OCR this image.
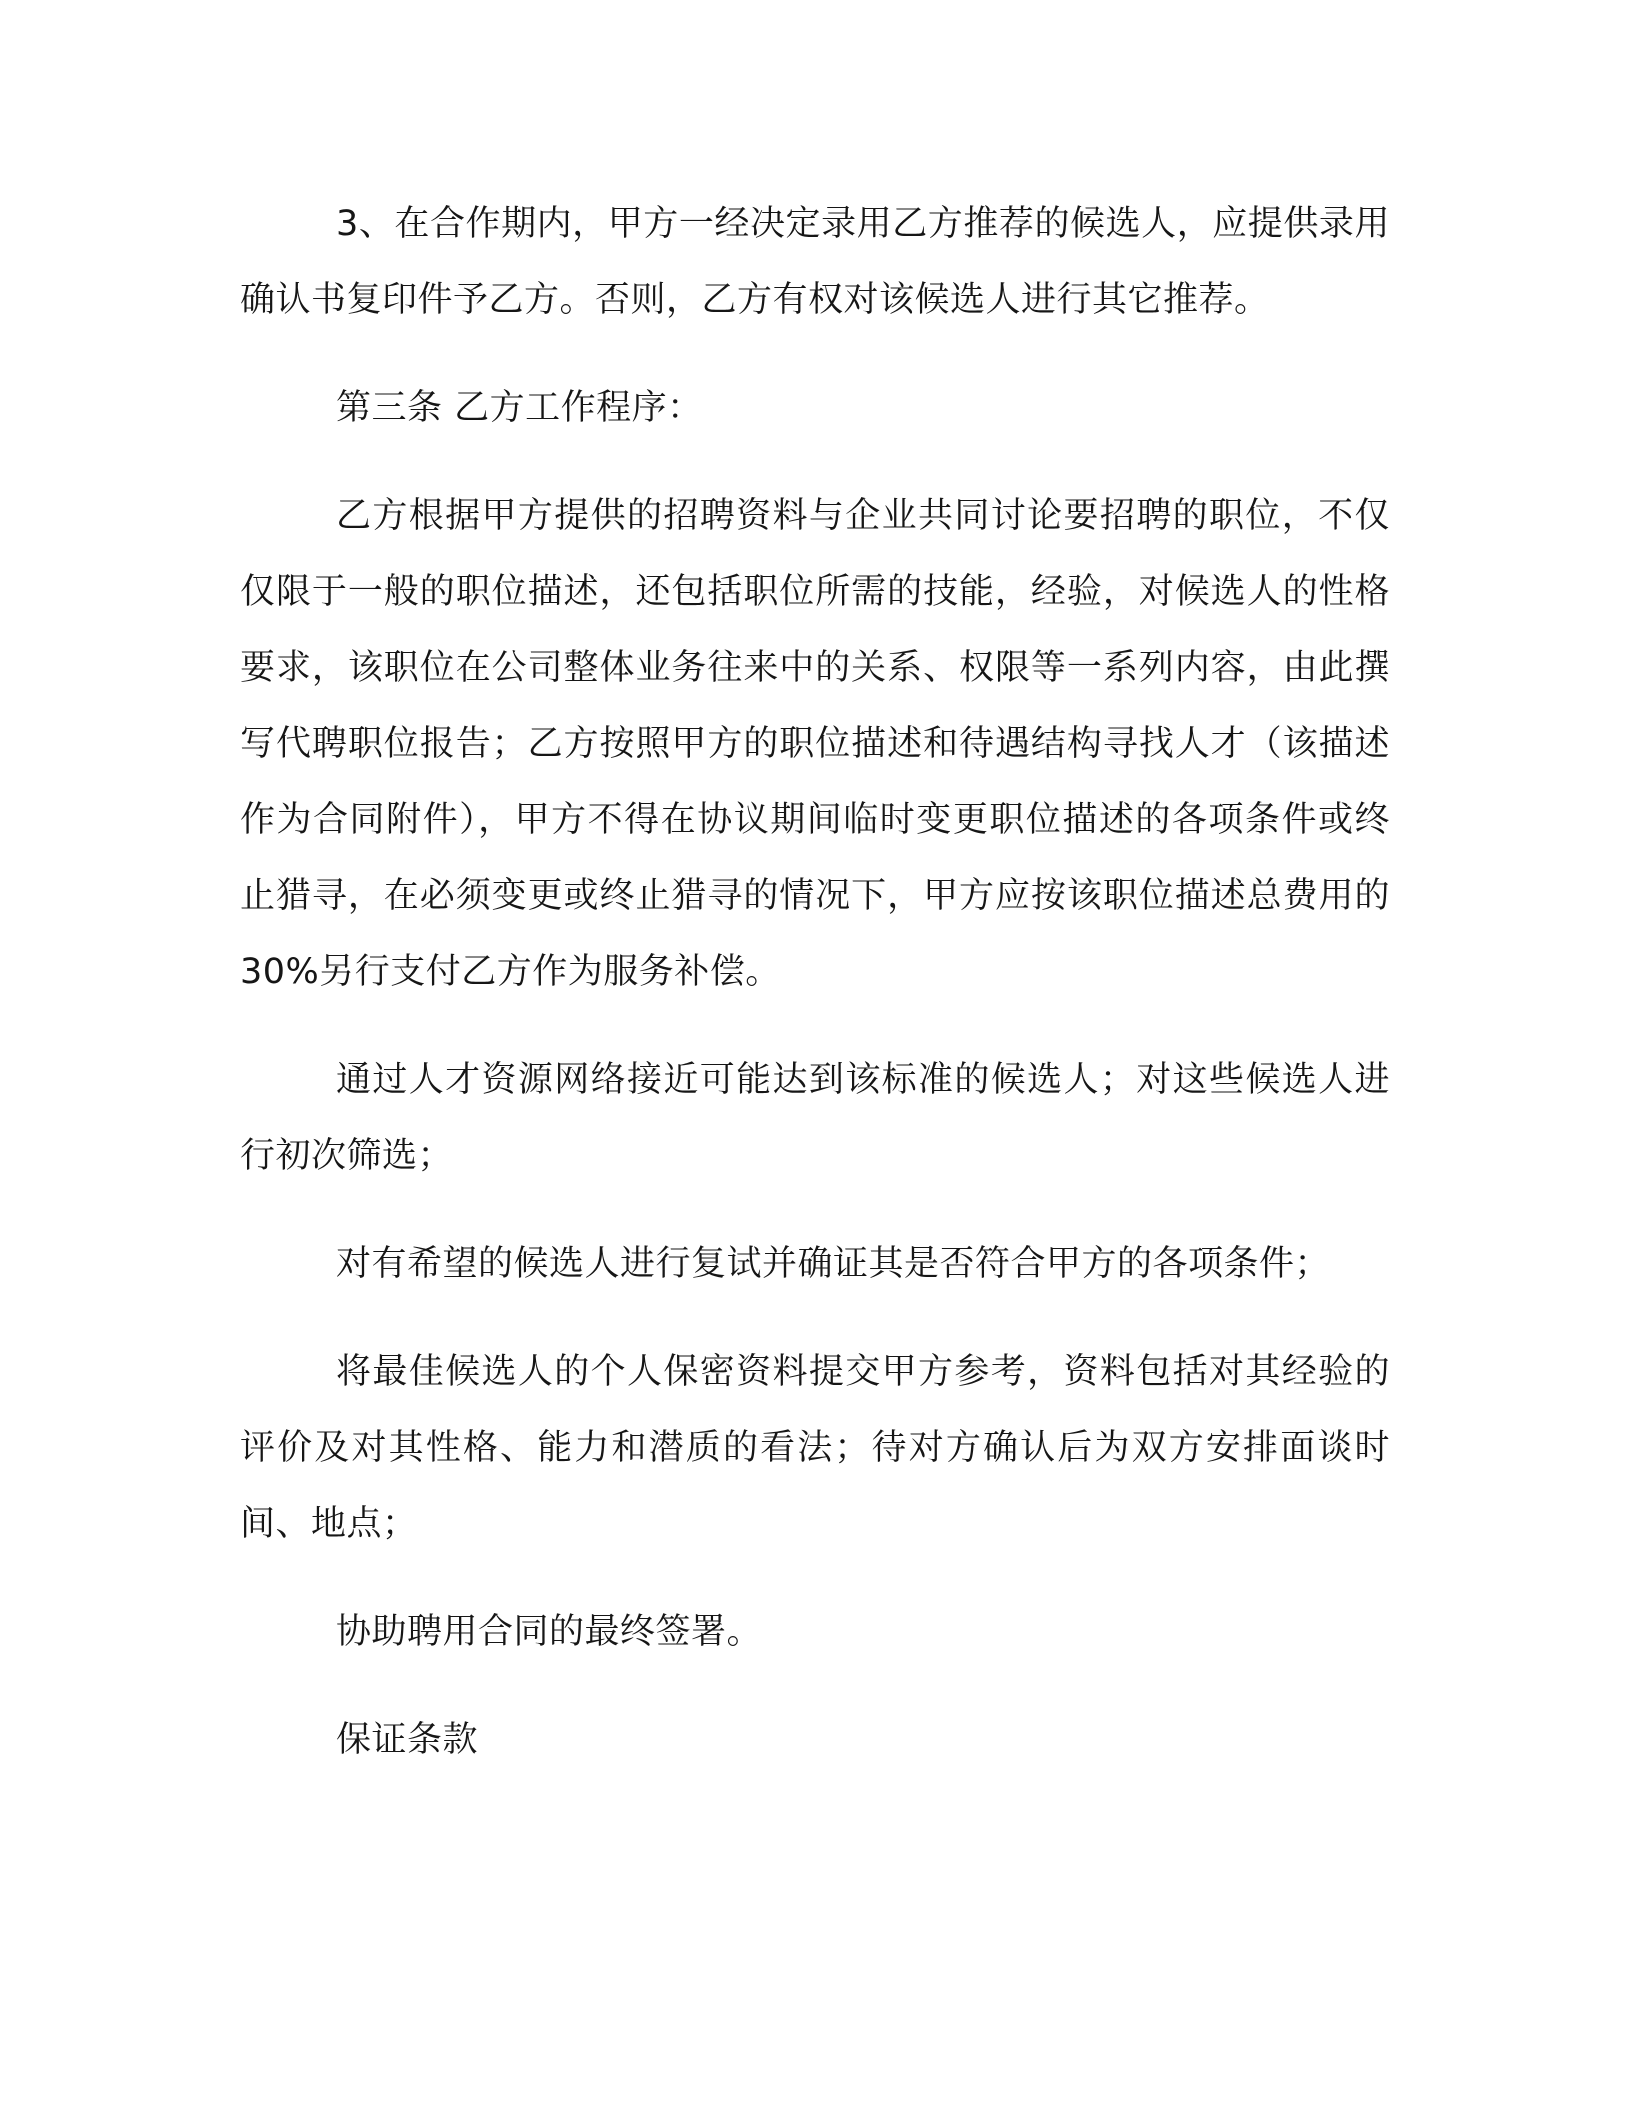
3、在合作期内，甲方一经决定录用乙方推荐的候选人，应提供录用确认书复印件予乙方。否则，乙方有权对该候选人进行其它推荐。

第三条 乙方工作程序：

乙方根据甲方提供的招聘资料与企业共同讨论要招聘的职位，不仅仅限于一般的职位描述，还包括职位所需的技能，经验，对候选人的性格要求，该职位在公司整体业务往来中的关系、权限等一系列内容，由此撰写代聘职位报告；乙方按照甲方的职位描述和待遇结构寻找人才（该描述作为合同附件），甲方不得在协议期间临时变更职位描述的各项条件或终止猎寻，在必须变更或终止猎寻的情况下，甲方应按该职位描述总费用的 30%另行支付乙方作为服务补偿。

通过人才资源网络接近可能达到该标准的候选人；对这些候选人进行初次筛选；

对有希望的候选人进行复试并确证其是否符合甲方的各项条件；

将最佳候选人的个人保密资料提交甲方参考，资料包括对其经验的评价及对其性格、能力和潜质的看法；待对方确认后为双方安排面谈时间、地点；

协助聘用合同的最终签署。

保证条款
